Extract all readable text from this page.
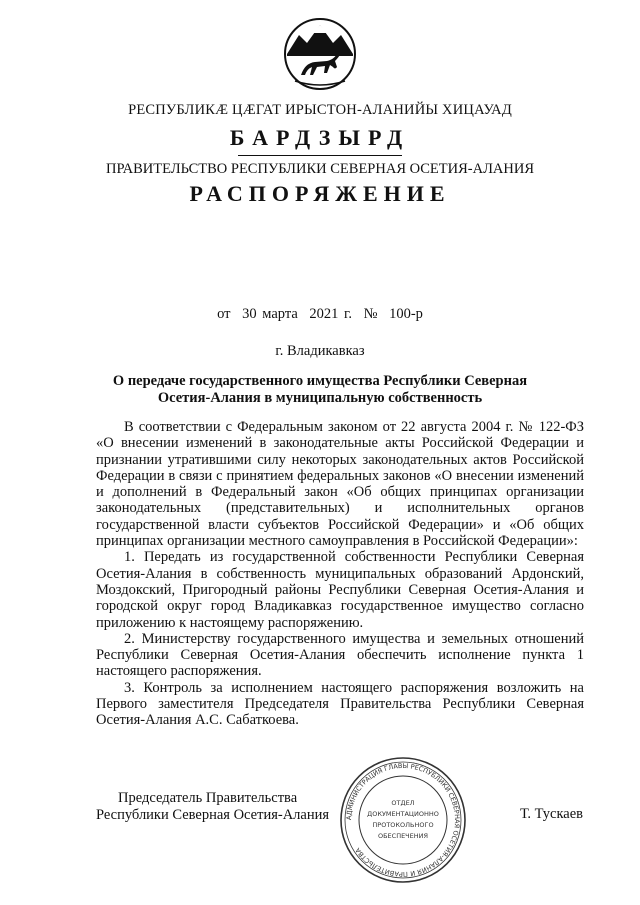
РЕСПУБЛИКӔ ЦӔГАТ ИРЫСТОН-АЛАНИЙЫ ХИЦАУАД
БАРДЗЫРД
ПРАВИТЕЛЬСТВО РЕСПУБЛИКИ СЕВЕРНАЯ ОСЕТИЯ-АЛАНИЯ
РАСПОРЯЖЕНИЕ
от 30 марта 2021 г. № 100-р
г. Владикавказ
О передаче государственного имущества Республики Северная Осетия-Алания в муниципальную собственность

В соответствии с Федеральным законом от 22 августа 2004 г. № 122-ФЗ «О внесении изменений в законодательные акты Российской Федерации и признании утратившими силу некоторых законодательных актов Российской Федерации в связи с принятием федеральных законов «О внесении изменений и дополнений в Федеральный закон «Об общих принципах организации законодательных (представительных) и исполнительных органов государственной власти субъектов Российской Федерации» и «Об общих принципах организации местного самоуправления в Российской Федерации»:

1. Передать из государственной собственности Республики Северная Осетия-Алания в собственность муниципальных образований Ардонский, Моздокский, Пригородный районы Республики Северная Осетия-Алания и городской округ город Владикавказ государственное имущество согласно приложению к настоящему распоряжению.

2. Министерству государственного имущества и земельных отношений Республики Северная Осетия-Алания обеспечить исполнение пункта 1 настоящего распоряжения.

3. Контроль за исполнением настоящего распоряжения возложить на Первого заместителя Председателя Правительства Республики Северная Осетия-Алания А.С. Сабаткоева.

Председатель Правительства
Республики Северная Осетия-Алания АДМИНИСТРАЦИЯ ГЛАВЫ РЕСПУБЛИКИ СЕВЕРНАЯ ОСЕТИЯ-АЛАНИЯ И ПРАВИТЕЛЬСТВА
ОТДЕЛ
ДОКУМЕНТАЦИОННО
ПРОТОКОЛЬНОГО
ОБЕСПЕЧЕНИЯ
Т. Тускаев
